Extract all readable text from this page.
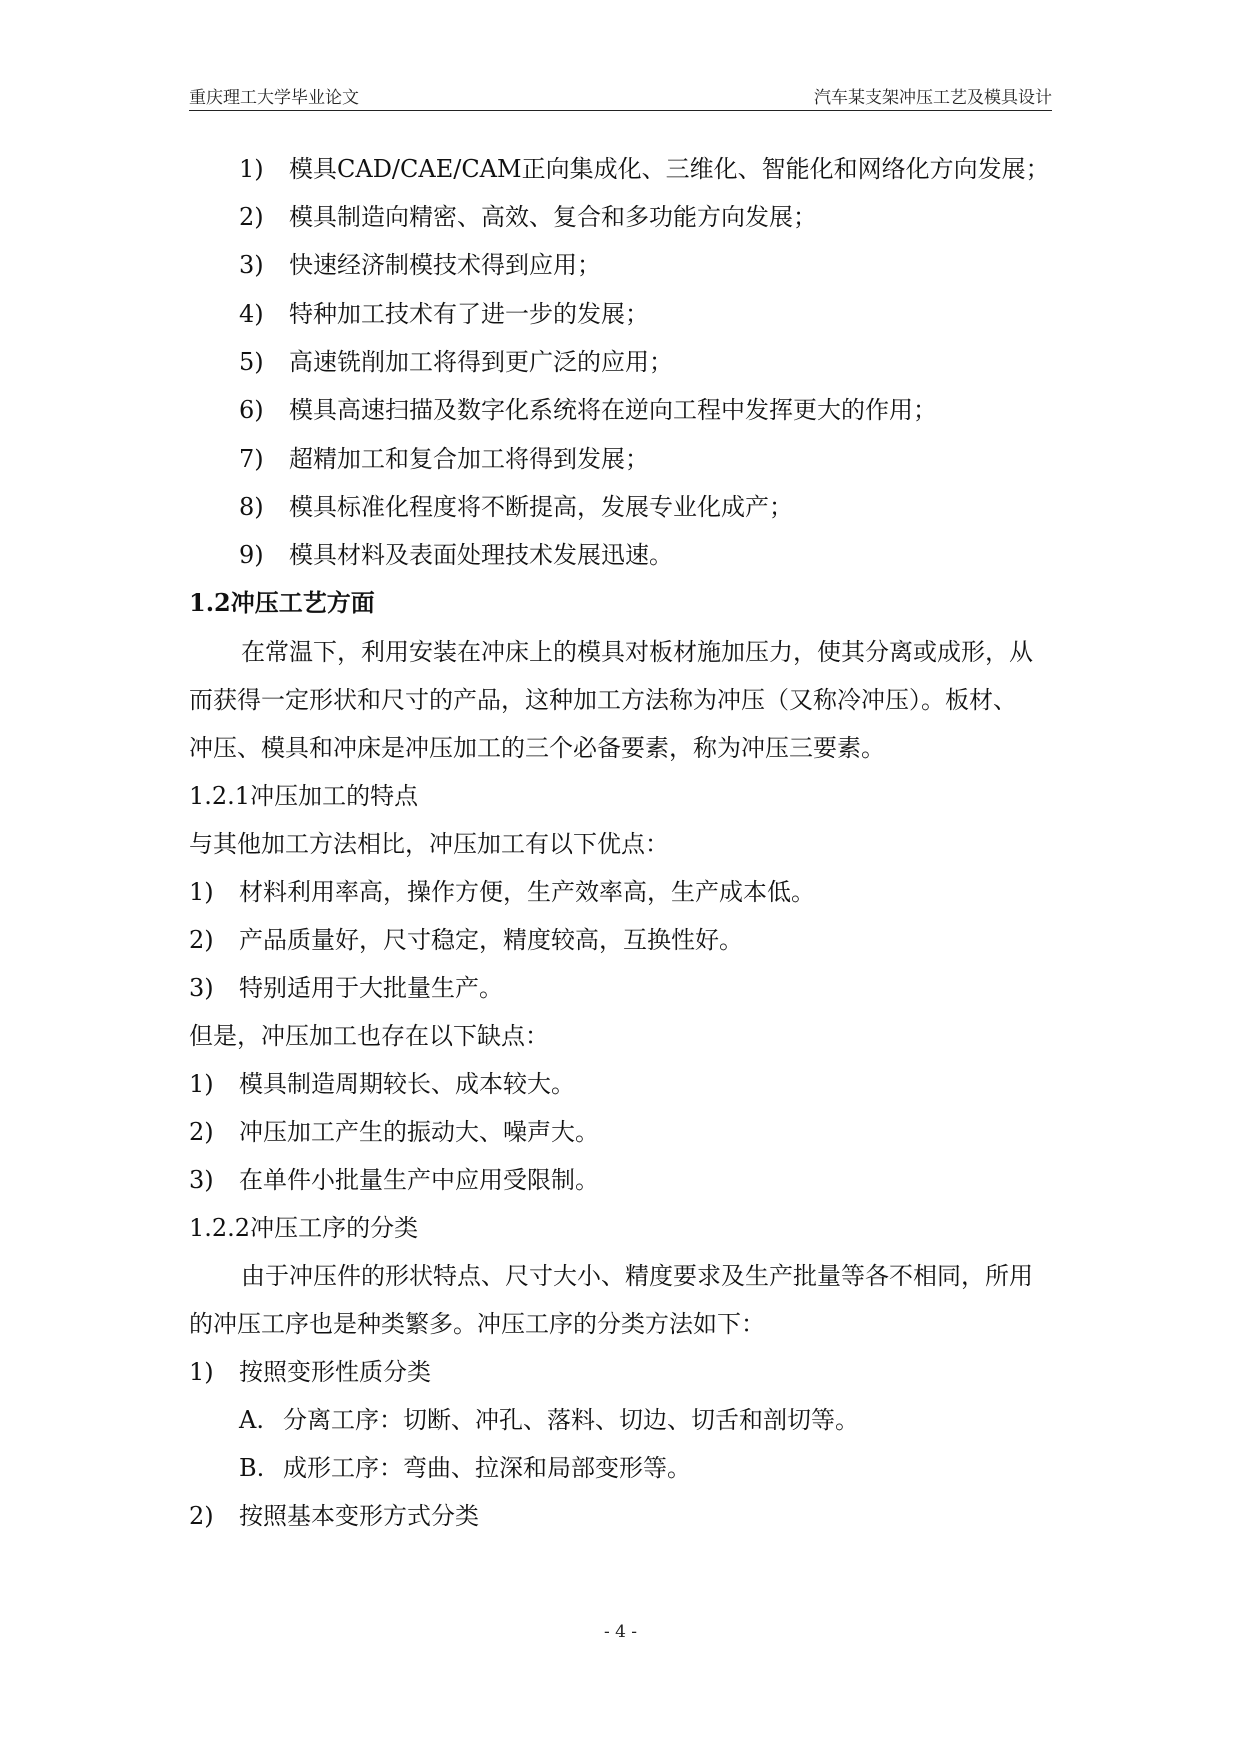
重庆理工大学毕业论文	汽车某支架冲压工艺及模具设计
1) 模具CAD/CAE/CAM正向集成化、三维化、智能化和网络化方向发展；
2) 模具制造向精密、高效、复合和多功能方向发展；
3) 快速经济制模技术得到应用；
4) 特种加工技术有了进一步的发展；
5) 高速铣削加工将得到更广泛的应用；
6) 模具高速扫描及数字化系统将在逆向工程中发挥更大的作用；
7) 超精加工和复合加工将得到发展；
8) 模具标准化程度将不断提高，发展专业化成产；
9) 模具材料及表面处理技术发展迅速。
1.2冲压工艺方面
在常温下，利用安装在冲床上的模具对板材施加压力，使其分离或成形，从
而获得一定形状和尺寸的产品，这种加工方法称为冲压（又称冷冲压）。板材、
冲压、模具和冲床是冲压加工的三个必备要素，称为冲压三要素。
1.2.1冲压加工的特点
与其他加工方法相比，冲压加工有以下优点：
1) 材料利用率高，操作方便，生产效率高，生产成本低。
2) 产品质量好，尺寸稳定，精度较高，互换性好。
3) 特别适用于大批量生产。
但是，冲压加工也存在以下缺点：
1) 模具制造周期较长、成本较大。
2) 冲压加工产生的振动大、噪声大。
3) 在单件小批量生产中应用受限制。
1.2.2冲压工序的分类
由于冲压件的形状特点、尺寸大小、精度要求及生产批量等各不相同，所用
的冲压工序也是种类繁多。冲压工序的分类方法如下：
1) 按照变形性质分类
A. 分离工序：切断、冲孔、落料、切边、切舌和剖切等。
B. 成形工序：弯曲、拉深和局部变形等。
2) 按照基本变形方式分类
- 4 -
